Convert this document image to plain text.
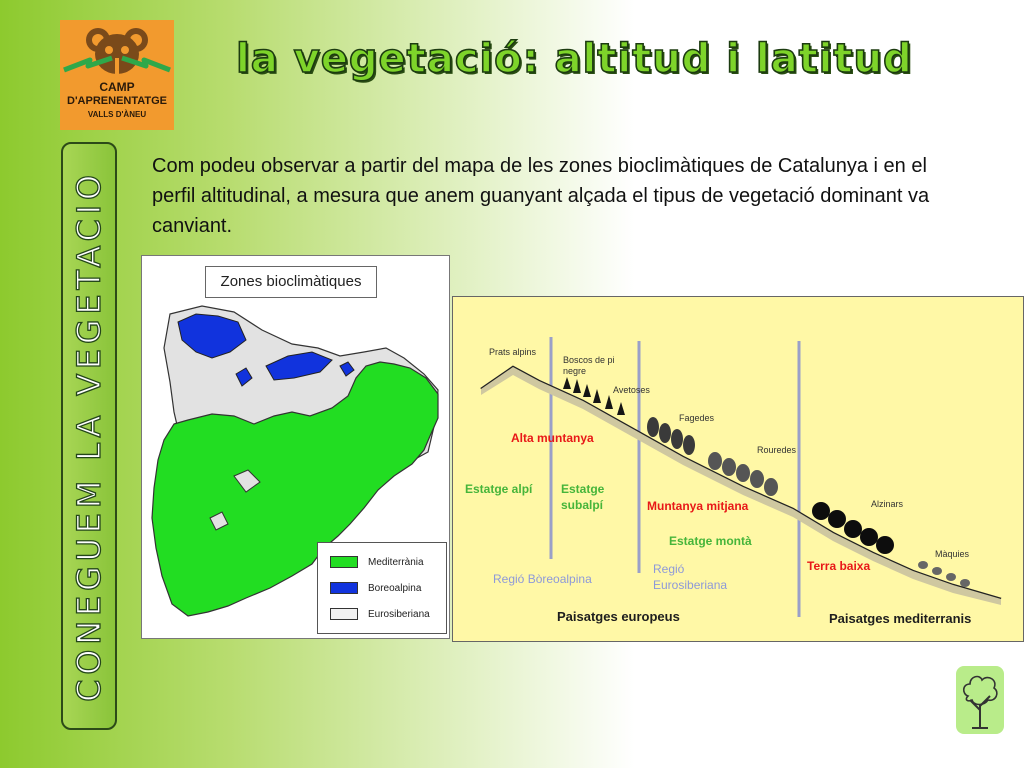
CAMP
D'APRENENTATGE
VALLS D'ÀNEU
la vegetació: altitud i latitud
CONEGUEM LA VEGETACIO

Com podeu observar a partir del mapa de les zones bioclimàtiques de Catalunya i en el perfil altitudinal, a mesura que anem guanyant alçada el tipus de vegetació dominant va canviant.

Zones bioclimàtiques
Mediterrània
Boreoalpina
Eurosiberiana
Prats alpins
Boscos de pi negre
Avetoses
Fagedes
Rouredes
Alzinars
Màquies
Alta muntanya
Muntanya mitjana
Terra baixa
Estatge alpí Estatge subalpí
Estatge montà
Regió Bòreoalpina
Regió Eurosiberiana
Paisatges europeus	Paisatges mediterranis
